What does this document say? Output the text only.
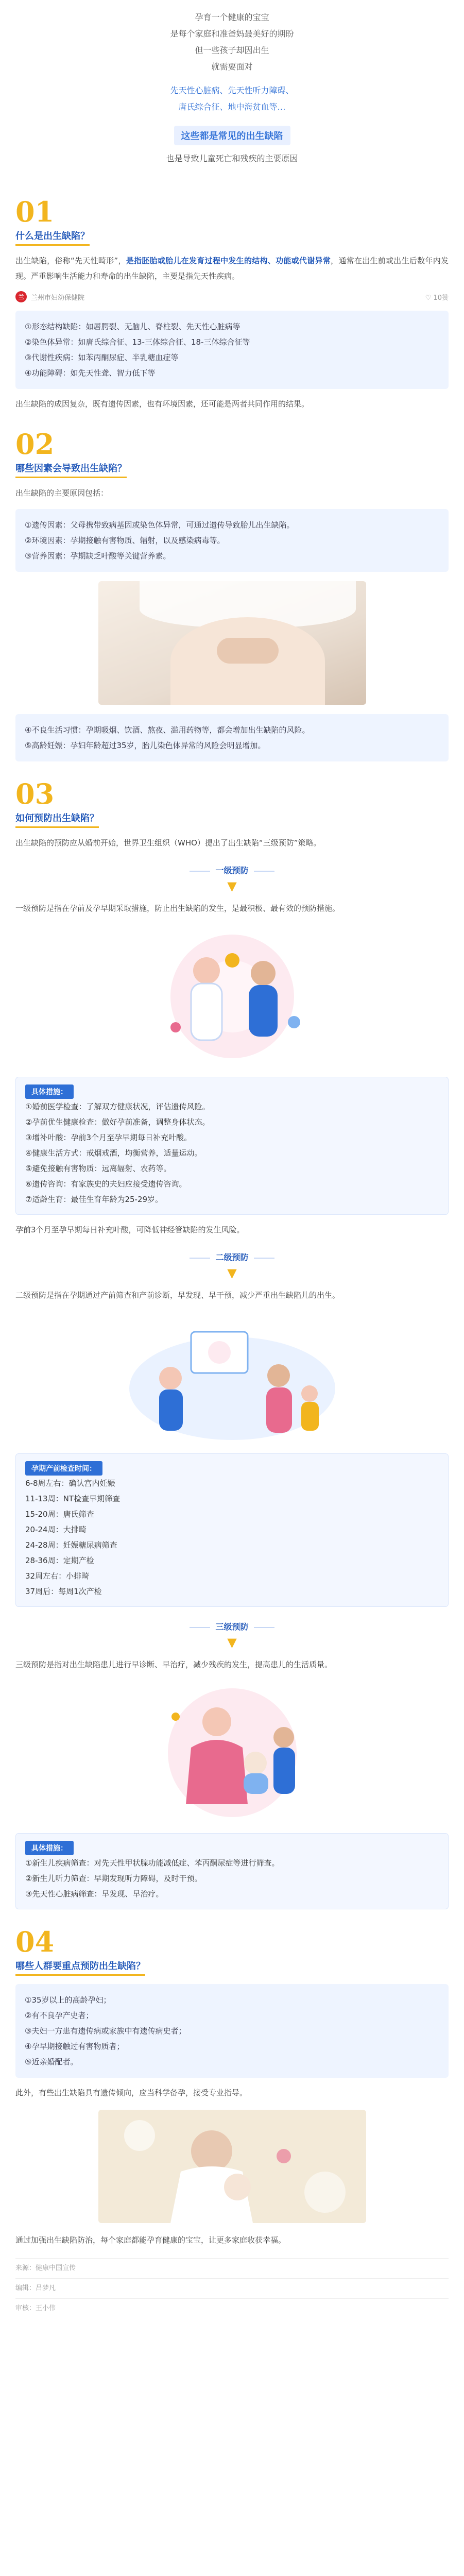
孕育一个健康的宝宝

是每个家庭和准爸妈最美好的期盼

但一些孩子却因出生

就需要面对

先天性心脏病、先天性听力障碍、

唐氏综合征、地中海贫血等…

这些都是常见的出生缺陷

也是导致儿童死亡和残疾的主要原因

01
什么是出生缺陷？

出生缺陷，俗称“先天性畸形”，是指胚胎或胎儿在发育过程中发生的结构、功能或代谢异常，通常在出生前或出生后数年内发现。严重影响生活能力和寿命的出生缺陷，主要是指先天性疾病。

兰	兰州市妇幼保健院	♡ 10赞

①形态结构缺陷：如唇腭裂、无脑儿、脊柱裂、先天性心脏病等

②染色体异常：如唐氏综合征、13-三体综合征、18-三体综合征等

③代谢性疾病：如苯丙酮尿症、半乳糖血症等

④功能障碍：如先天性聋、智力低下等

出生缺陷的成因复杂，既有遗传因素，也有环境因素，还可能是两者共同作用的结果。

02
哪些因素会导致出生缺陷？

出生缺陷的主要原因包括：

①遗传因素：父母携带致病基因或染色体异常，可通过遗传导致胎儿出生缺陷。

②环境因素：孕期接触有害物质、辐射，以及感染病毒等。

③营养因素：孕期缺乏叶酸等关键营养素。

④不良生活习惯：孕期吸烟、饮酒、熬夜、滥用药物等，都会增加出生缺陷的风险。

⑤高龄妊娠：孕妇年龄超过35岁，胎儿染色体异常的风险会明显增加。

03
如何预防出生缺陷？

出生缺陷的预防应从婚前开始，世界卫生组织（WHO）提出了出生缺陷“三级预防”策略。

一级预防
▼

一级预防是指在孕前及孕早期采取措施，防止出生缺陷的发生，是最积极、最有效的预防措施。

具体措施：

①婚前医学检查：了解双方健康状况，评估遗传风险。

②孕前优生健康检查：做好孕前准备，调整身体状态。

③增补叶酸：孕前3个月至孕早期每日补充叶酸。

④健康生活方式：戒烟戒酒，均衡营养，适量运动。

⑤避免接触有害物质：远离辐射、农药等。

⑥遗传咨询：有家族史的夫妇应接受遗传咨询。

⑦适龄生育：最佳生育年龄为25-29岁。

孕前3个月至孕早期每日补充叶酸，可降低神经管缺陷的发生风险。

二级预防
▼

二级预防是指在孕期通过产前筛查和产前诊断，早发现、早干预，减少严重出生缺陷儿的出生。

孕期产前检查时间：

6-8周左右：确认宫内妊娠

11-13周：NT检查早期筛查

15-20周：唐氏筛查

20-24周：大排畸

24-28周：妊娠糖尿病筛查

28-36周：定期产检

32周左右：小排畸

37周后：每周1次产检

三级预防
▼

三级预防是指对出生缺陷患儿进行早诊断、早治疗，减少残疾的发生，提高患儿的生活质量。

具体措施：

①新生儿疾病筛查：对先天性甲状腺功能减低症、苯丙酮尿症等进行筛查。

②新生儿听力筛查：早期发现听力障碍，及时干预。

③先天性心脏病筛查：早发现、早治疗。

04
哪些人群要重点预防出生缺陷？

①35岁以上的高龄孕妇；

②有不良孕产史者；

③夫妇一方患有遗传病或家族中有遗传病史者；

④孕早期接触过有害物质者；

⑤近亲婚配者。

此外，有些出生缺陷具有遗传倾向，应当科学备孕，接受专业指导。

通过加强出生缺陷防治，每个家庭都能孕育健康的宝宝，让更多家庭收获幸福。

来源：健康中国宣传
编辑：吕梦凡
审核：王小伟
